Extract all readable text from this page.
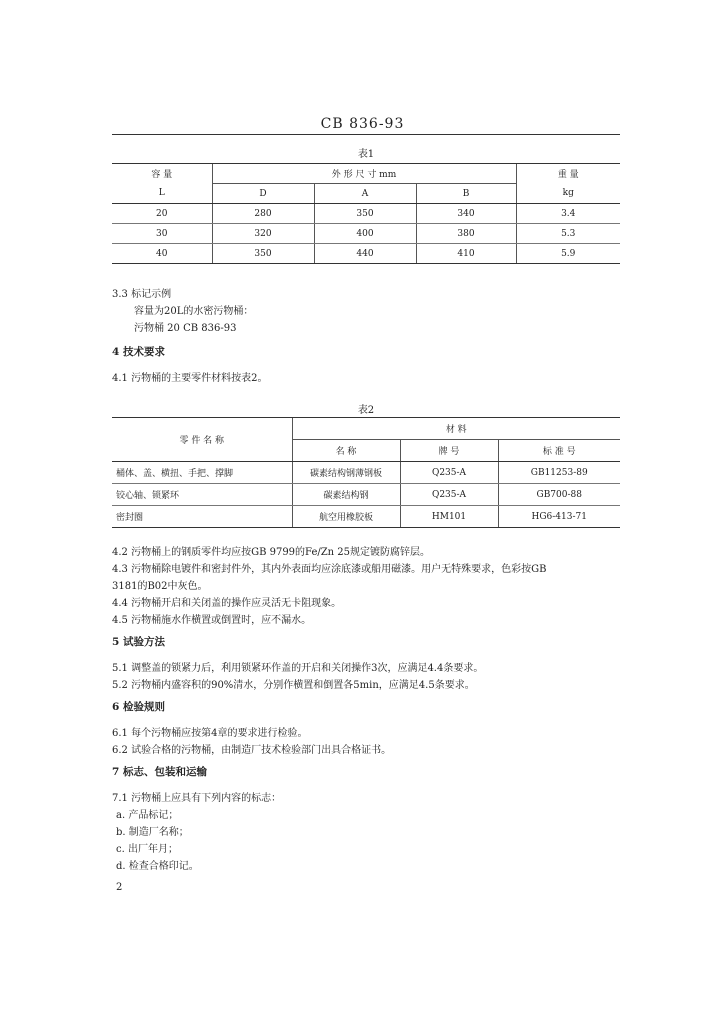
CB 836-93
表1
容 量	外 形 尺 寸 mm			重 量
L	D	A	B	kg
20	280	350	340	3.4
30	320	400	380	5.3
40	350	440	410	5.9
3.3 标记示例
容量为20L的水密污物桶：
污物桶 20 CB 836-93
4 技术要求
4.1 污物桶的主要零件材料按表2。
表2
零 件 名 称	材 料		
	名 称	牌 号	标 准 号
桶体、盖、横扭、手把、撑脚	碳素结构钢薄钢板	Q235-A	GB11253-89
铰心轴、锁紧环	碳素结构钢	Q235-A	GB700-88
密封圈	航空用橡胶板	HM101	HG6-413-71
4.2 污物桶上的钢质零件均应按GB 9799的Fe/Zn 25规定镀防腐锌层。
4.3 污物桶除电镀件和密封件外，其内外表面均应涂底漆或船用磁漆。用户无特殊要求，色彩按GB
3181的B02中灰色。
4.4 污物桶开启和关闭盖的操作应灵活无卡阻现象。
4.5 污物桶施水作横置或倒置时，应不漏水。
5 试验方法
5.1 调整盖的锁紧力后，利用锁紧环作盖的开启和关闭操作3次，应满足4.4条要求。
5.2 污物桶内盛容积的90%清水，分别作横置和倒置各5min，应满足4.5条要求。
6 检验规则
6.1 每个污物桶应按第4章的要求进行检验。
6.2 试验合格的污物桶，由制造厂技术检验部门出具合格证书。
7 标志、包装和运输
7.1 污物桶上应具有下列内容的标志：
a. 产品标记；
b. 制造厂名称；
c. 出厂年月；
d. 检查合格印记。
2
